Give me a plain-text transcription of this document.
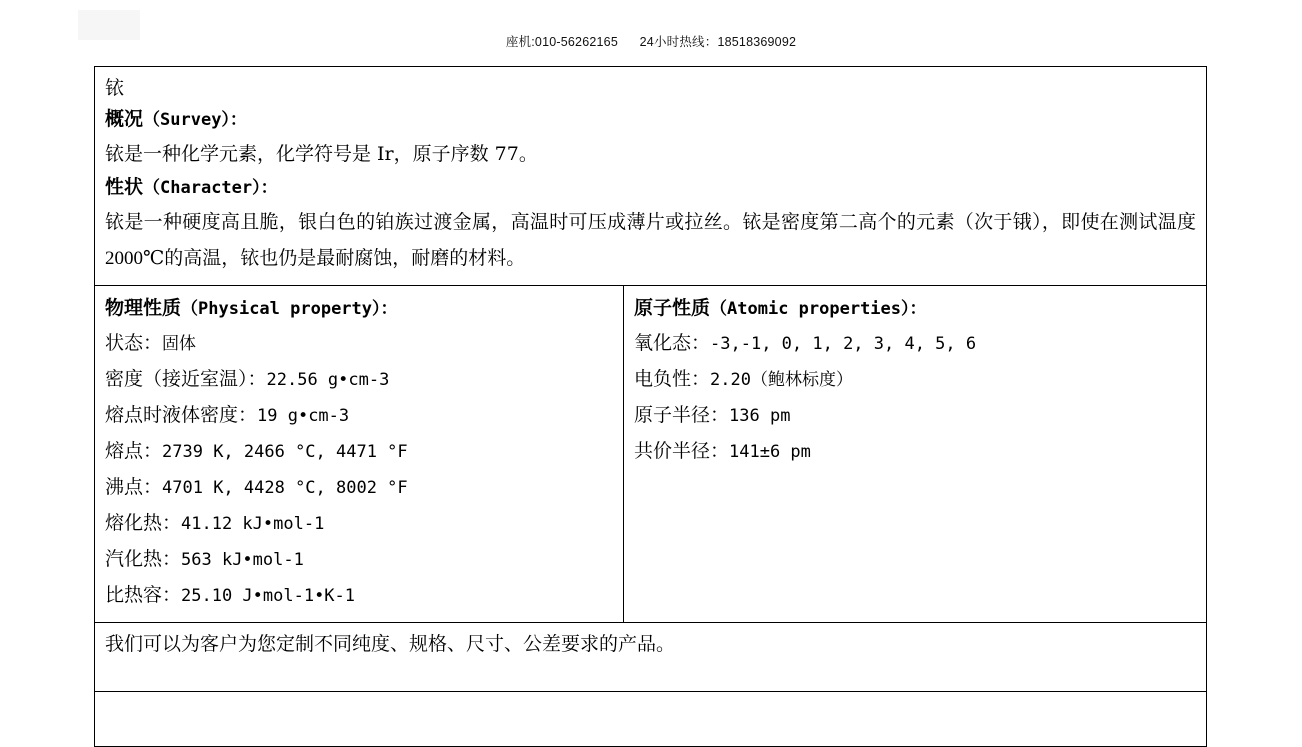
座机:010-56262165 24小时热线：18518369092
铱
概况（Survey）：
铱是一种化学元素，化学符号是 Ir，原子序数 77。
性状（Character）：
铱是一种硬度高且脆，银白色的铂族过渡金属，高温时可压成薄片或拉丝。铱是密度第二高个的元素（次于锇），即使在测试温度 2000℃的高温，铱也仍是最耐腐蚀，耐磨的材料。

物理性质（Physical property）：
状态：固体
密度（接近室温）：22.56 g•cm-3
熔点时液体密度：19 g•cm-3
熔点：2739 K, 2466 °C, 4471 °F
沸点：4701 K, 4428 °C, 8002 °F
熔化热：41.12 kJ•mol-1
汽化热：563 kJ•mol-1
比热容：25.10 J•mol-1•K-1

原子性质（Atomic properties）：
氧化态：-3,-1, 0, 1, 2, 3, 4, 5, 6
电负性：2.20（鲍林标度）
原子半径：136 pm
共价半径：141±6 pm

我们可以为客户为您定制不同纯度、规格、尺寸、公差要求的产品。
